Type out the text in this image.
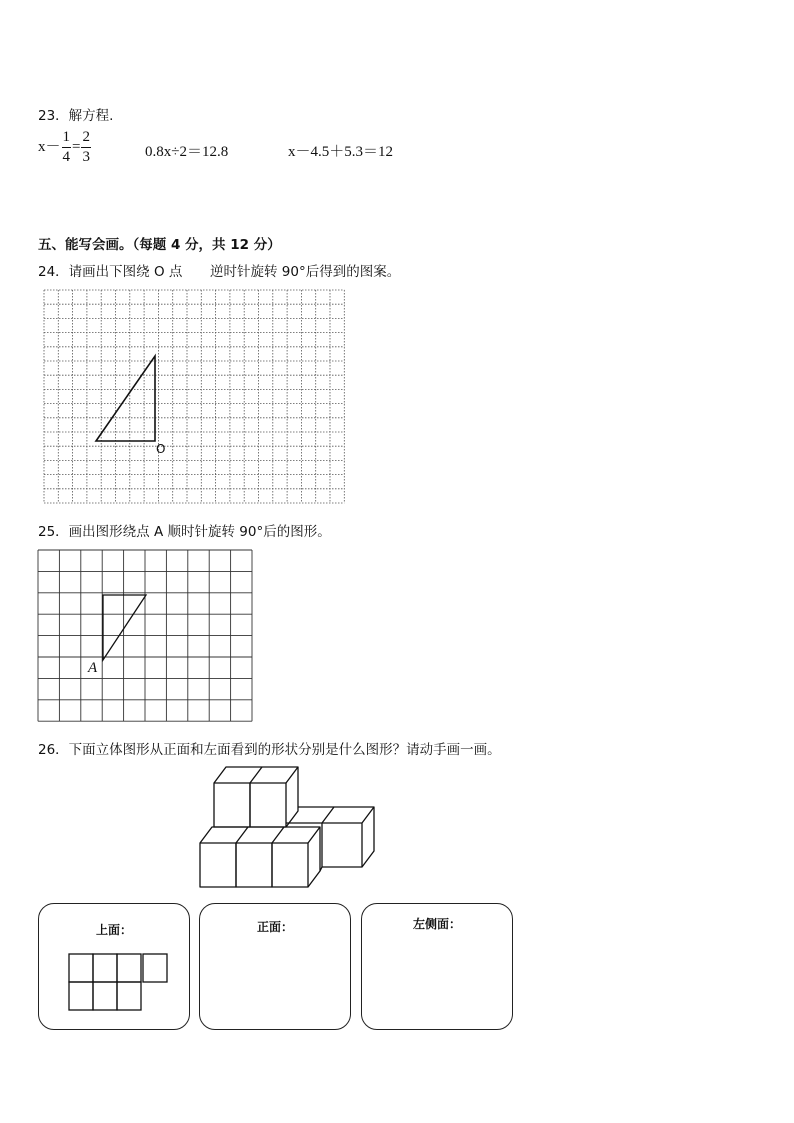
23．解方程.
$x- \frac{1}{4} = \frac{2}{3}$	0.8x÷2＝12.8	x－4.5＋5.3＝12
五、能写会画。（每题 4 分，共 12 分）
24．请画出下图绕 O 点 逆时针旋转 90°后得到的图案。
O
25．画出图形绕点 A 顺时针旋转 90°后的图形。
A
26．下面立体图形从正面和左面看到的形状分别是什么图形？请动手画一画。
上面：	正面：	左侧面：
